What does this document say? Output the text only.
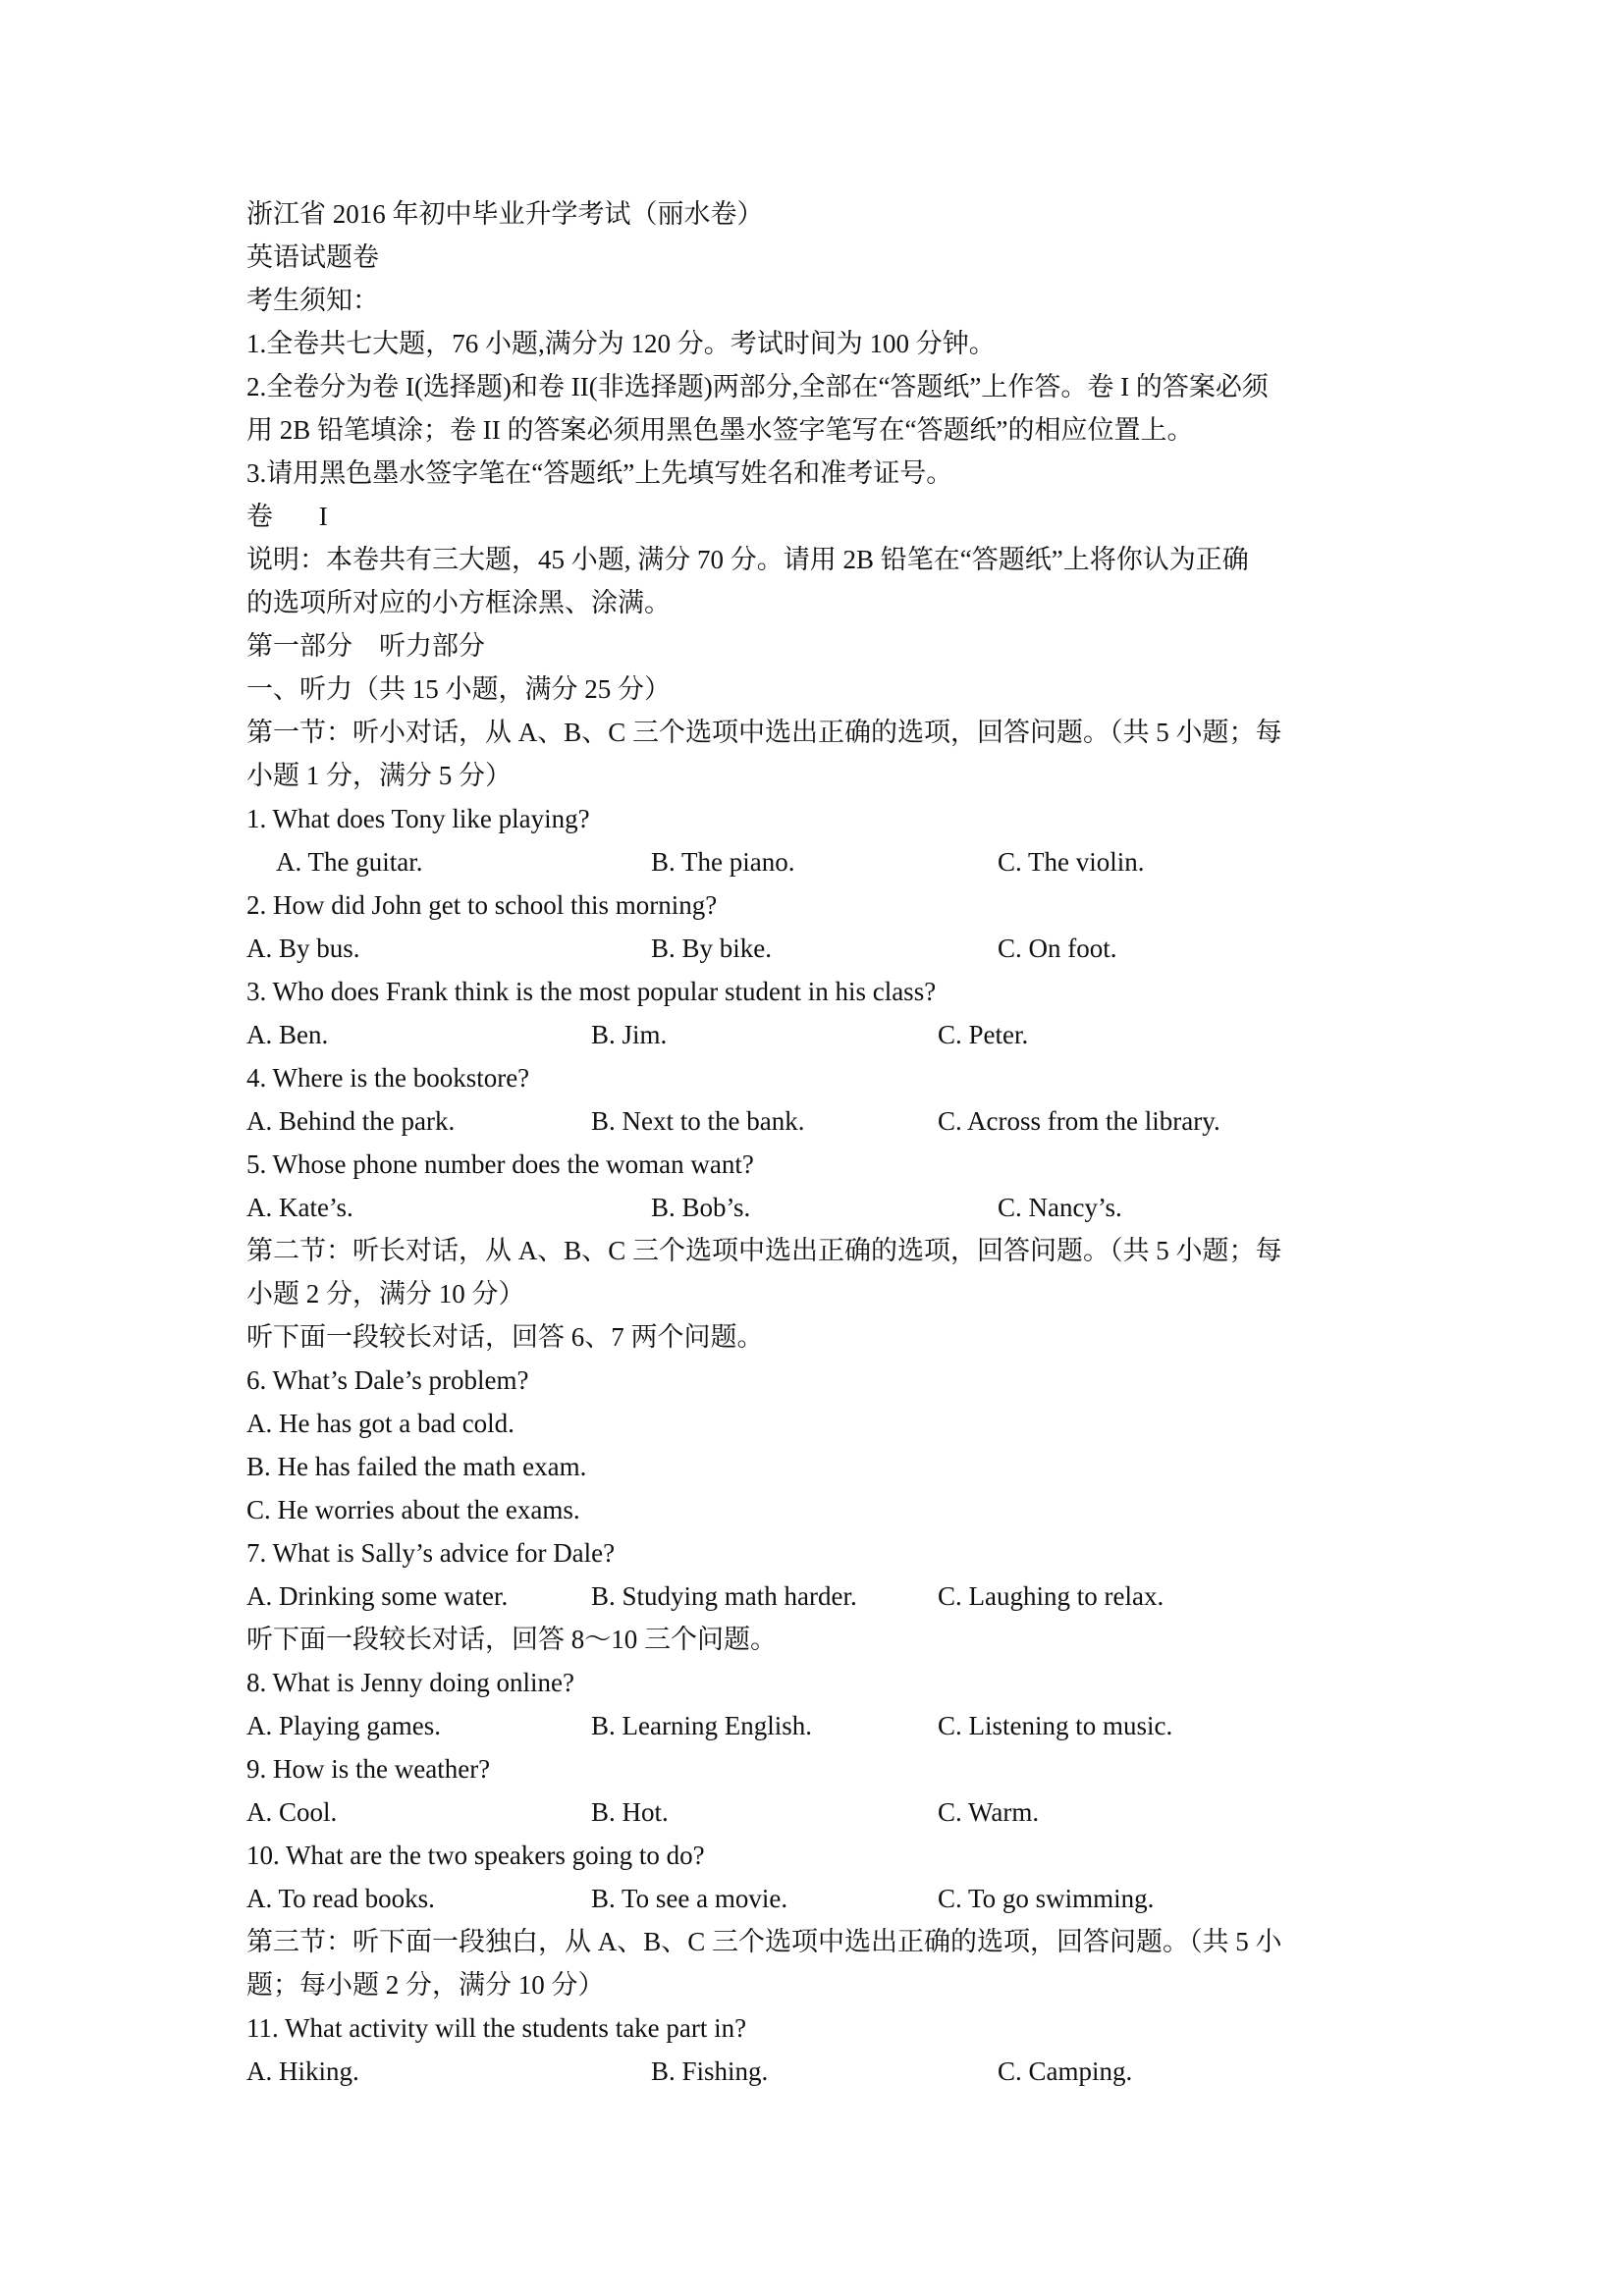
浙江省 2016 年初中毕业升学考试（丽水卷）
英语试题卷
考生须知：
1.全卷共七大题，76 小题,满分为 120 分。考试时间为 100 分钟。
2.全卷分为卷 I(选择题)和卷 II(非选择题)两部分,全部在“答题纸”上作答。卷 I 的答案必须
用 2B 铅笔填涂；卷 II 的答案必须用黑色墨水签字笔写在“答题纸”的相应位置上。
3.请用黑色墨水签字笔在“答题纸”上先填写姓名和准考证号。
卷 I
说明：本卷共有三大题，45 小题, 满分 70 分。请用 2B 铅笔在“答题纸”上将你认为正确
的选项所对应的小方框涂黑、涂满。
第一部分　听力部分
一、听力（共 15 小题，满分 25 分）
第一节：听小对话，从 A、B、C 三个选项中选出正确的选项，回答问题。（共 5 小题；每
小题 1 分，满分 5 分）
1. What does Tony like playing?
A. The guitar.	B. The piano.	C. The violin.
2. How did John get to school this morning?
A. By bus.	B. By bike.	C. On foot.
3. Who does Frank think is the most popular student in his class?
A. Ben.	B. Jim.	C. Peter.
4. Where is the bookstore?
A. Behind the park.	B. Next to the bank.	C. Across from the library.
5. Whose phone number does the woman want?
A. Kate’s.	B. Bob’s.	C. Nancy’s.
第二节：听长对话，从 A、B、C 三个选项中选出正确的选项，回答问题。（共 5 小题；每
小题 2 分，满分 10 分）
听下面一段较长对话，回答 6、7 两个问题。
6. What’s Dale’s problem?
A. He has got a bad cold.
B. He has failed the math exam.
C. He worries about the exams.
7. What is Sally’s advice for Dale?
A. Drinking some water.	B. Studying math harder.	C. Laughing to relax.
听下面一段较长对话，回答 8～10 三个问题。
8. What is Jenny doing online?
A. Playing games.	B. Learning English.	C. Listening to music.
9. How is the weather?
A. Cool.	B. Hot.	C. Warm.
10. What are the two speakers going to do?
A. To read books.	B. To see a movie.	C. To go swimming.
第三节：听下面一段独白，从 A、B、C 三个选项中选出正确的选项，回答问题。（共 5 小
题；每小题 2 分，满分 10 分）
11. What activity will the students take part in?
A. Hiking.	B. Fishing.	C. Camping.
